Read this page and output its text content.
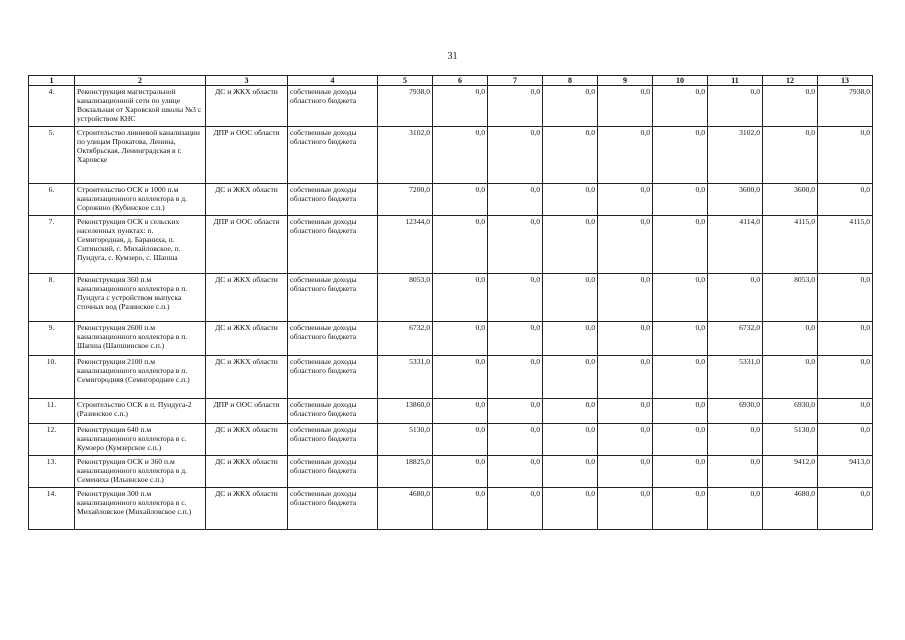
31
1	2	3	4	5	6	7	8	9	10	11	12	13
4.	Реконструкция магистральной канализационной сети по улице Вокзальная от Харовской школы №3 с устройством КНС	ДС и ЖКХ области	собственные доходы областного бюджета	7938,0	0,0	0,0	0,0	0,0	0,0	0,0	0,0	7938,0
5.	Строительство ливневой канализации по улицам Прокатова, Ленина, Октябрьская, Ленинградская в г. Харовске	ДПР и ООС области	собственные доходы областного бюджета	3102,0	0,0	0,0	0,0	0,0	0,0	3102,0	0,0	0,0
6.	Строительство ОСК и 1000 п.м канализационного коллектора в д. Сорожино (Кубинское с.п.)	ДС и ЖКХ области	собственные доходы областного бюджета	7200,0	0,0	0,0	0,0	0,0	0,0	3600,0	3600,0	0,0
7.	Реконструкция ОСК в сельских населенных пунктах: п. Семигородная, д. Бараниха, п. Ситинский, с. Михайловское, п. Пундуга, с. Кумзеро, с. Шапша	ДПР и ООС области	собственные доходы областного бюджета	12344,0	0,0	0,0	0,0	0,0	0,0	4114,0	4115,0	4115,0
8.	Реконструкция 360 п.м канализационного коллектора в п. Пундуга с устройством выпуска сточных вод (Разинское с.п.)	ДС и ЖКХ области	собственные доходы областного бюджета	8053,0	0,0	0,0	0,0	0,0	0,0	0,0	8053,0	0,0
9.	Реконструкция 2600 п.м канализационного коллектора в п. Шапша (Шапшинское с.п.)	ДС и ЖКХ области	собственные доходы областного бюджета	6732,0	0,0	0,0	0,0	0,0	0,0	6732,0	0,0	0,0
10.	Реконструкция 2100 п.м канализационного коллектора в п. Семигородняя (Семигороднее с.п.)	ДС и ЖКХ области	собственные доходы областного бюджета	5331,0	0,0	0,0	0,0	0,0	0,0	5331,0	0,0	0,0
11.	Строительство ОСК в п. Пундуга-2 (Разинское с.п.)	ДПР и ООС области	собственные доходы областного бюджета	13860,0	0,0	0,0	0,0	0,0	0,0	6930,0	6930,0	0,0
12.	Реконструкция 640 п.м канализационного коллектора в с. Кумзеро (Кумзерское с.п.)	ДС и ЖКХ области	собственные доходы областного бюджета	5130,0	0,0	0,0	0,0	0,0	0,0	0,0	5130,0	0,0
13.	Реконструкция ОСК и 360 п.м канализационного коллектора в д. Семениха (Ильинское с.п.)	ДС и ЖКХ области	собственные доходы областного бюджета	18825,0	0,0	0,0	0,0	0,0	0,0	0,0	9412,0	9413,0
14.	Реконструкция 300 п.м канализационного коллектора в с. Михайловское (Михайловское с.п.)	ДС и ЖКХ области	собственные доходы областного бюджета	4680,0	0,0	0,0	0,0	0,0	0,0	0,0	4680,0	0,0
